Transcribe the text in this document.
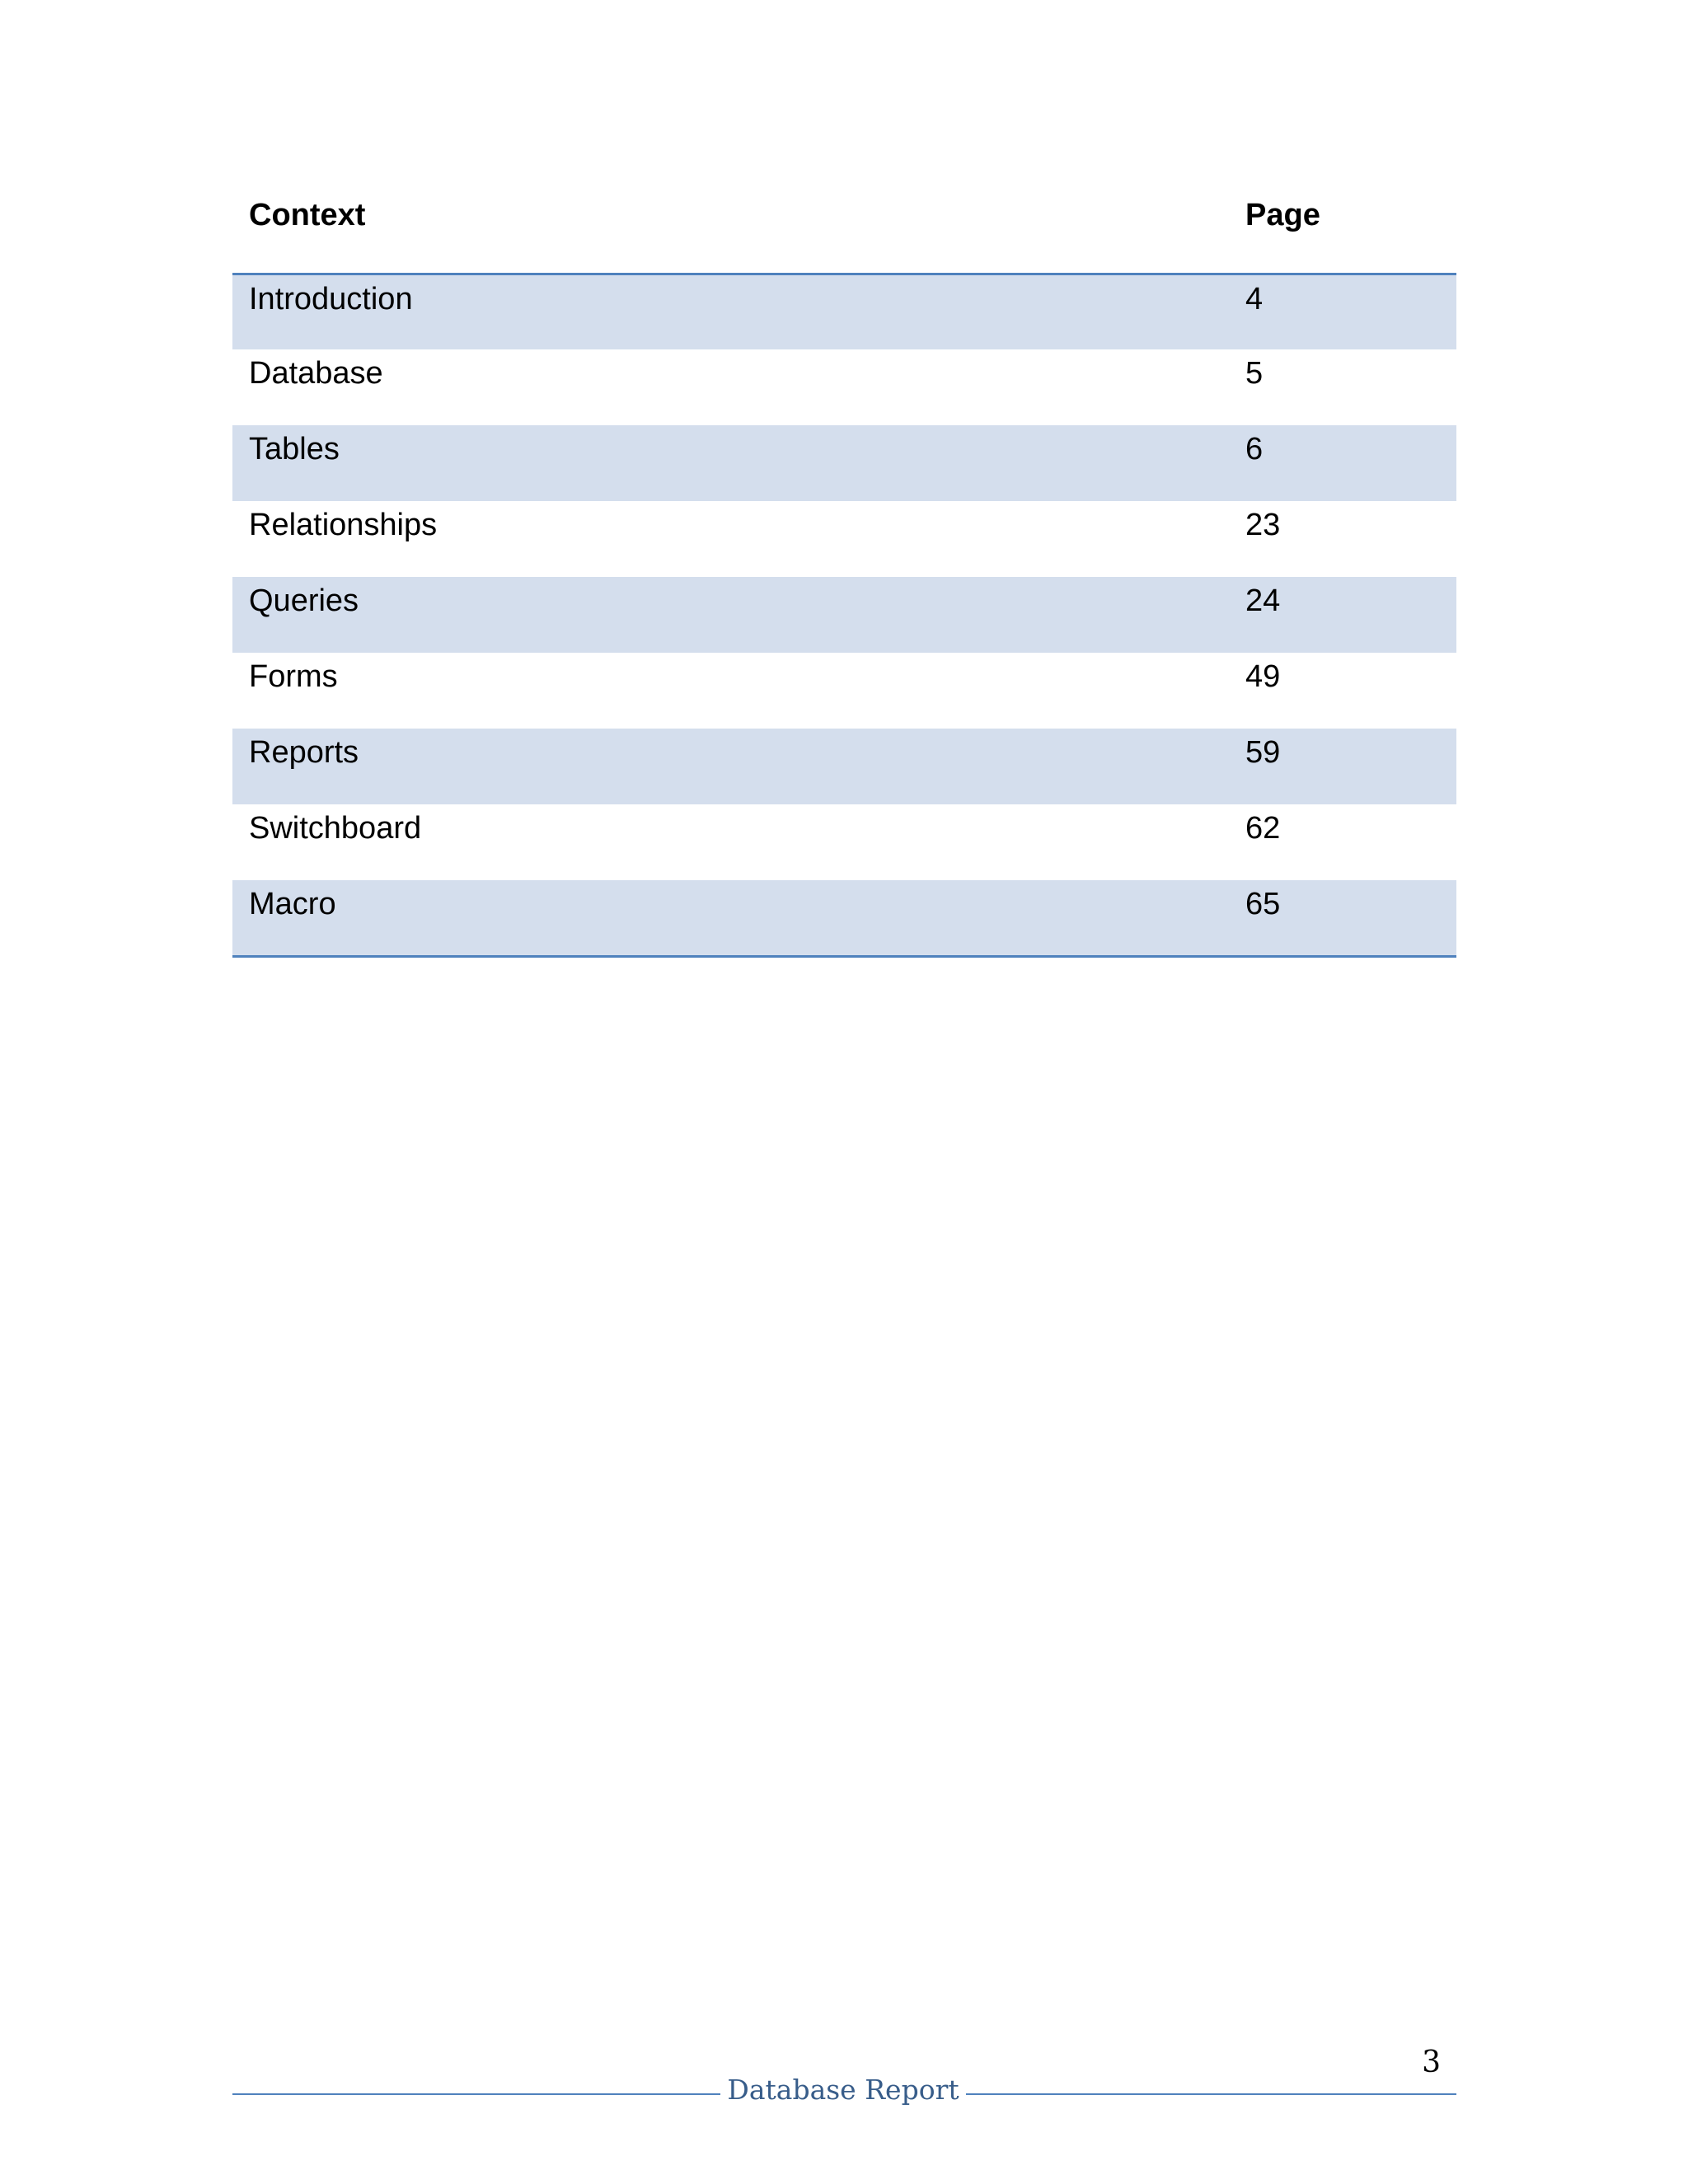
Context	Page
Introduction	4
Database	5
Tables	6
Relationships	23
Queries	24
Forms	49
Reports	59
Switchboard	62
Macro	65
3
Database Report
